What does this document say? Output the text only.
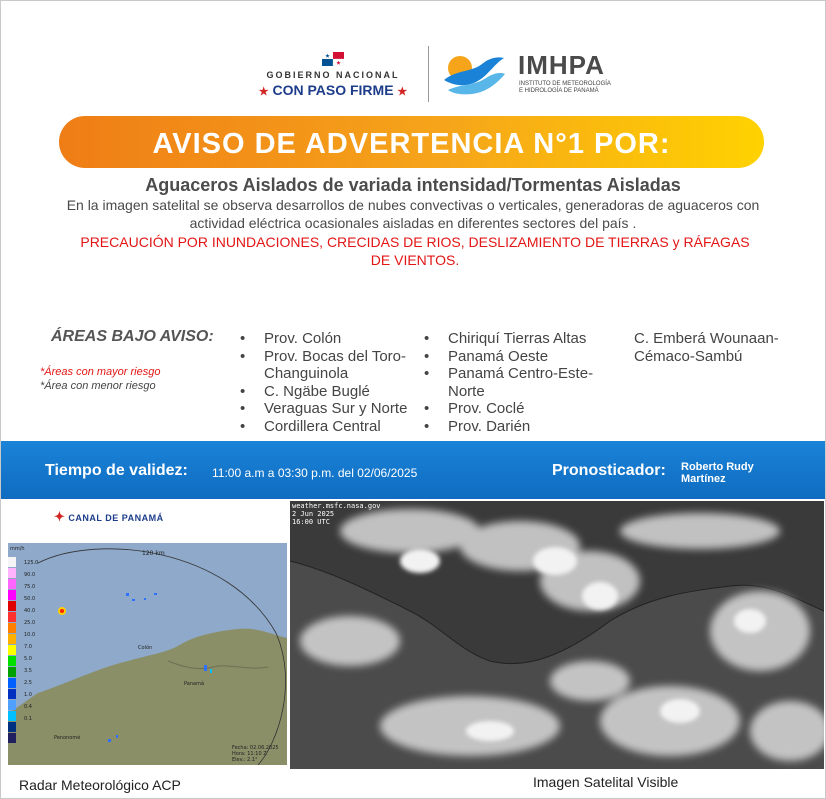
GOBIERNO NACIONAL
★ CON PASO FIRME ★
IMHPA
INSTITUTO DE METEOROLOGÍA
E HIDROLOGÍA DE PANAMÁ
AVISO DE ADVERTENCIA N°1 POR:
Aguaceros Aislados de variada intensidad/Tormentas Aisladas
En la imagen satelital se observa desarrollos de nubes convectivas o verticales, generadoras de aguaceros con actividad eléctrica ocasionales aisladas en diferentes sectores del país .
PRECAUCIÓN POR INUNDACIONES, CRECIDAS DE RIOS, DESLIZAMIENTO DE TIERRAS y RÁFAGAS DE VIENTOS.
ÁREAS BAJO AVISO:
*Áreas con mayor riesgo
*Área con menor riesgo
• Prov. Colón
• Prov. Bocas del Toro-
Changuinola
• C. Ngäbe Buglé
• Veraguas Sur y Norte
• Cordillera Central
• Chiriquí Tierras Altas
• Panamá Oeste
• Panamá Centro-Este-
Norte
• Prov. Coclé
• Prov. Darién
C. Emberá Wounaan-
Cémaco-Sambú
Tiempo de validez: 11:00 a.m a 03:30 p.m. del 02/06/2025	Pronosticador: Roberto Rudy Martínez
✦ CANAL DE PANAMÁ
120 km
mm/h
125.0
90.0
75.0
50.0
40.0
25.0
10.0
7.0
5.0
3.5
2.5
1.0
0.4
0.1
Colón
Panamá
Penonomé
Fecha: 02.06.2025
Hora: 11:10 Z
Elev.: 2.1°
weather.msfc.nasa.gov
2 Jun 2025
16:00 UTC
Radar Meteorológico ACP	Imagen Satelital Visible
